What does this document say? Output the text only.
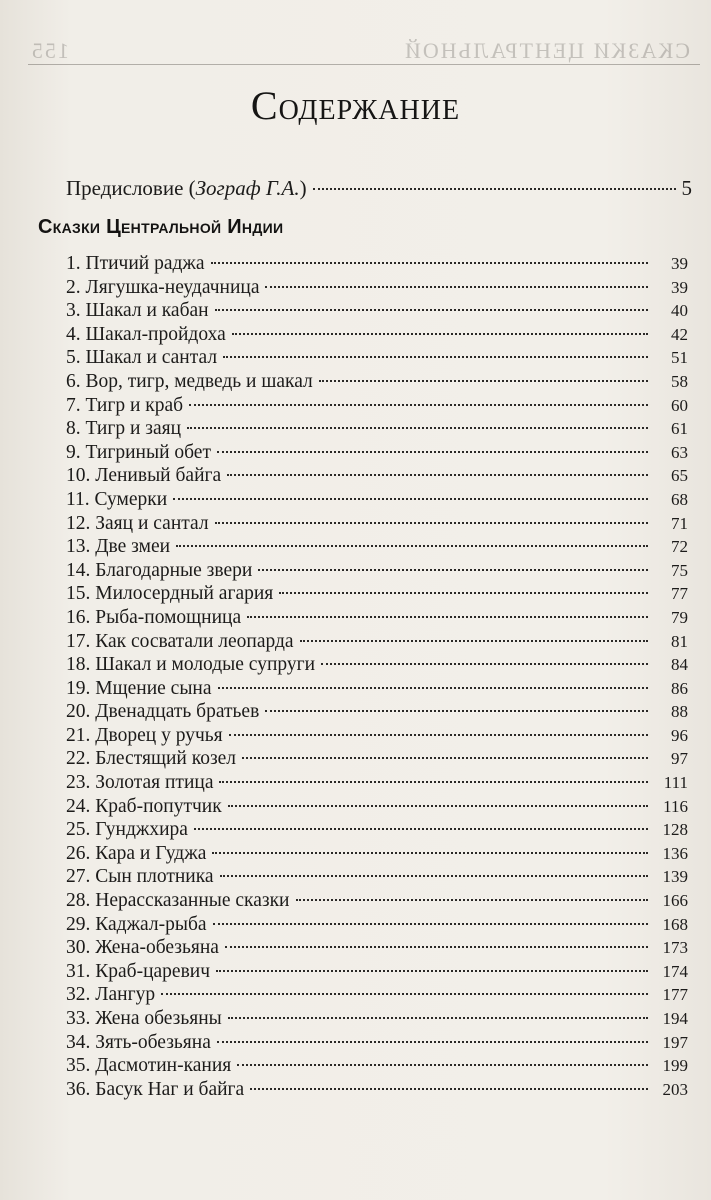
155	СКАЗКИ ЦЕНТРАЛЬНОЙ
Содержание
Предисловие ( Зограф Г.А. )	5
Сказки Центральной Индии
1. Птичий раджа	39
2. Лягушка-неудачница	39
3. Шакал и кабан	40
4. Шакал-пройдоха	42
5. Шакал и сантал	51
6. Вор, тигр, медведь и шакал	58
7. Тигр и краб	60
8. Тигр и заяц	61
9. Тигриный обет	63
10. Ленивый байга	65
11. Сумерки	68
12. Заяц и сантал	71
13. Две змеи	72
14. Благодарные звери	75
15. Милосердный агария	77
16. Рыба-помощница	79
17. Как сосватали леопарда	81
18. Шакал и молодые супруги	84
19. Мщение сына	86
20. Двенадцать братьев	88
21. Дворец у ручья	96
22. Блестящий козел	97
23. Золотая птица	111
24. Краб-попутчик	116
25. Гунджхира	128
26. Кара и Гуджа	136
27. Сын плотника	139
28. Нерассказанные сказки	166
29. Каджал-рыба	168
30. Жена-обезьяна	173
31. Краб-царевич	174
32. Лангур	177
33. Жена обезьяны	194
34. Зять-обезьяна	197
35. Дасмотин-кания	199
36. Басук Наг и байга	203
